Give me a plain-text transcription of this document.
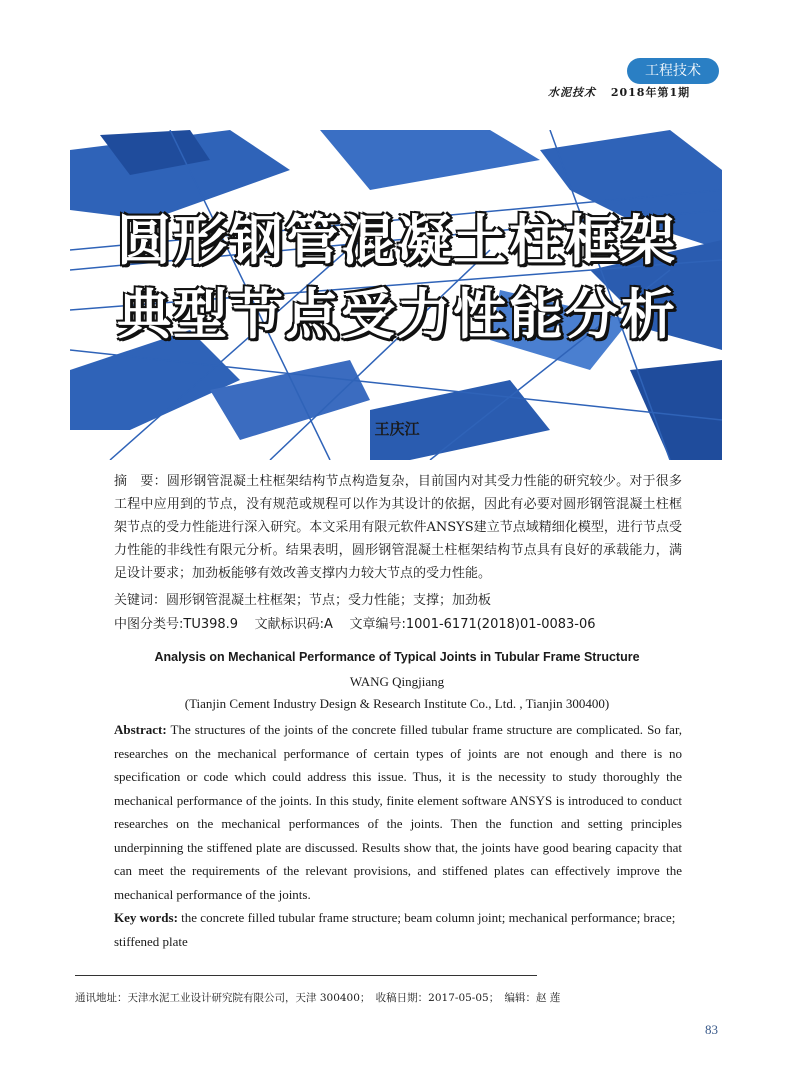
工程技术
水泥技术 2018年第1期
圆形钢管混凝土柱框架
典型节点受力性能分析
王庆江
摘　要：圆形钢管混凝土柱框架结构节点构造复杂，目前国内对其受力性能的研究较少。对于很多工程中应用到的节点，没有规范或规程可以作为其设计的依据，因此有必要对圆形钢管混凝土柱框架节点的受力性能进行深入研究。本文采用有限元软件ANSYS建立节点域精细化模型，进行节点受力性能的非线性有限元分析。结果表明，圆形钢管混凝土柱框架结构节点具有良好的承载能力，满足设计要求；加劲板能够有效改善支撑内力较大节点的受力性能。
关键词：圆形钢管混凝土柱框架；节点；受力性能；支撑；加劲板
中图分类号:TU398.9 文献标识码:A 文章编号:1001-6171(2018)01-0083-06
Analysis on Mechanical Performance of Typical Joints in Tubular Frame Structure
WANG Qingjiang
(Tianjin Cement Industry Design & Research Institute Co., Ltd. , Tianjin 300400)
Abstract: The structures of the joints of the concrete filled tubular frame structure are complicated. So far, researches on the mechanical performance of certain types of joints are not enough and there is no specification or code which could address this issue. Thus, it is the necessity to study thoroughly the mechanical performance of the joints. In this study, finite element software ANSYS is introduced to conduct researches on the mechanical performances of the joints. Then the function and setting principles underpinning the stiffened plate are discussed. Results show that, the joints have good bearing capacity that can meet the requirements of the relevant provisions, and stiffened plates can effectively improve the mechanical performance of the joints.
Key words: the concrete filled tubular frame structure; beam column joint; mechanical performance; brace; stiffened plate
通讯地址：天津水泥工业设计研究院有限公司，天津 300400；　收稿日期：2017-05-05；　编辑：赵 莲
83
